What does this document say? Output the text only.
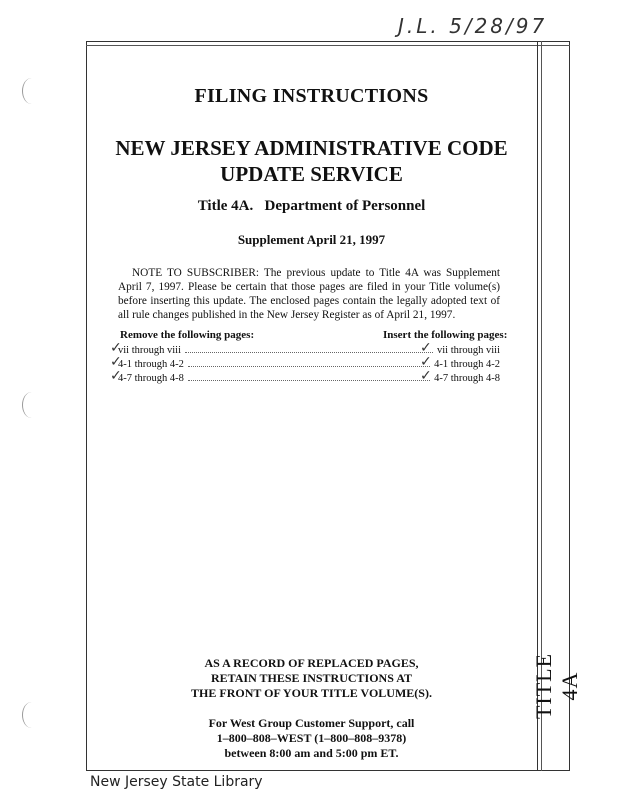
J.L. 5/28/97
FILING INSTRUCTIONS
NEW JERSEY ADMINISTRATIVE CODE
UPDATE SERVICE
Title 4A.   Department of Personnel
Supplement April 21, 1997
NOTE TO SUBSCRIBER: The previous update to Title 4A was Supplement April 7, 1997. Please be certain that those pages are filed in your Title volume(s) before inserting this update. The enclosed pages contain the legally adopted text of all rule changes published in the New Jersey Register as of April 21, 1997.
Remove the following pages:	Insert the following pages:
vii through viii	vii through viii
4-1 through 4-2	4-1 through 4-2
4-7 through 4-8	4-7 through 4-8
✓
✓
✓
✓
✓
✓
AS A RECORD OF REPLACED PAGES,
RETAIN THESE INSTRUCTIONS AT
THE FRONT OF YOUR TITLE VOLUME(S).
For West Group Customer Support, call
1–800–808–WEST (1–800–808–9378)
between 8:00 am and 5:00 pm ET.
TITLE 4A
New Jersey State Library
